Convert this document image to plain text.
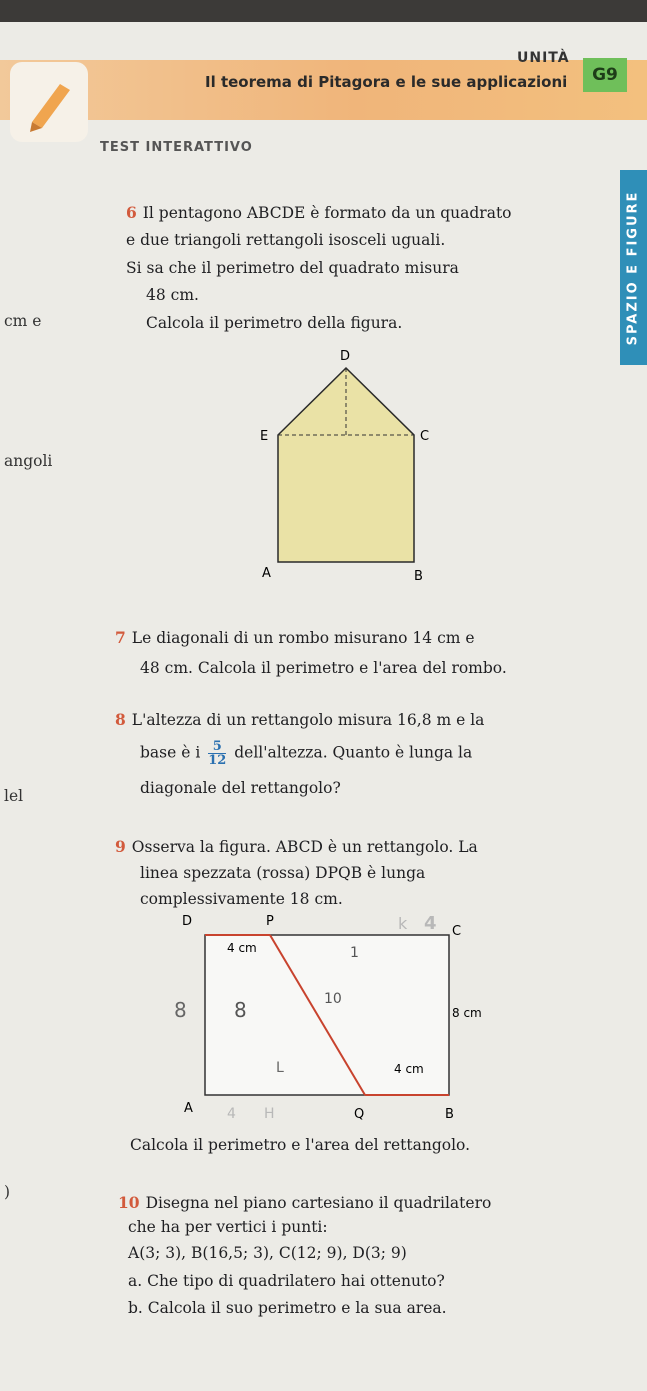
UNITÀ
Il teorema di Pitagora e le sue applicazioni	G9
TEST INTERATTIVO
SPAZIO E FIGURE
cm e
angoli
lel
)
6 Il pentagono ABCDE è formato da un quadrato
e due triangoli rettangoli isosceli uguali.
Si sa che il perimetro del quadrato misura
48 cm.
Calcola il perimetro della figura.
D
E	C
A	B
7 Le diagonali di un rombo misurano 14 cm e
48 cm. Calcola il perimetro e l'area del rombo.
8 L'altezza di un rettangolo misura 16,8 m e la
base è i $\frac{5}{12}$ dell'altezza. Quanto è lunga la
diagonale del rettangolo?
9 Osserva la figura. ABCD è un rettangolo. La
linea spezzata (rossa) DPQB è lunga
complessivamente 18 cm.
D	P
C
A	Q	B
4 cm
8 cm
4 cm
k 4
1
8 8	10
L
4 H
Calcola il perimetro e l'area del rettangolo.
10 Disegna nel piano cartesiano il quadrilatero
che ha per vertici i punti:
A(3; 3), B(16,5; 3), C(12; 9), D(3; 9)
a. Che tipo di quadrilatero hai ottenuto?
b. Calcola il suo perimetro e la sua area.
